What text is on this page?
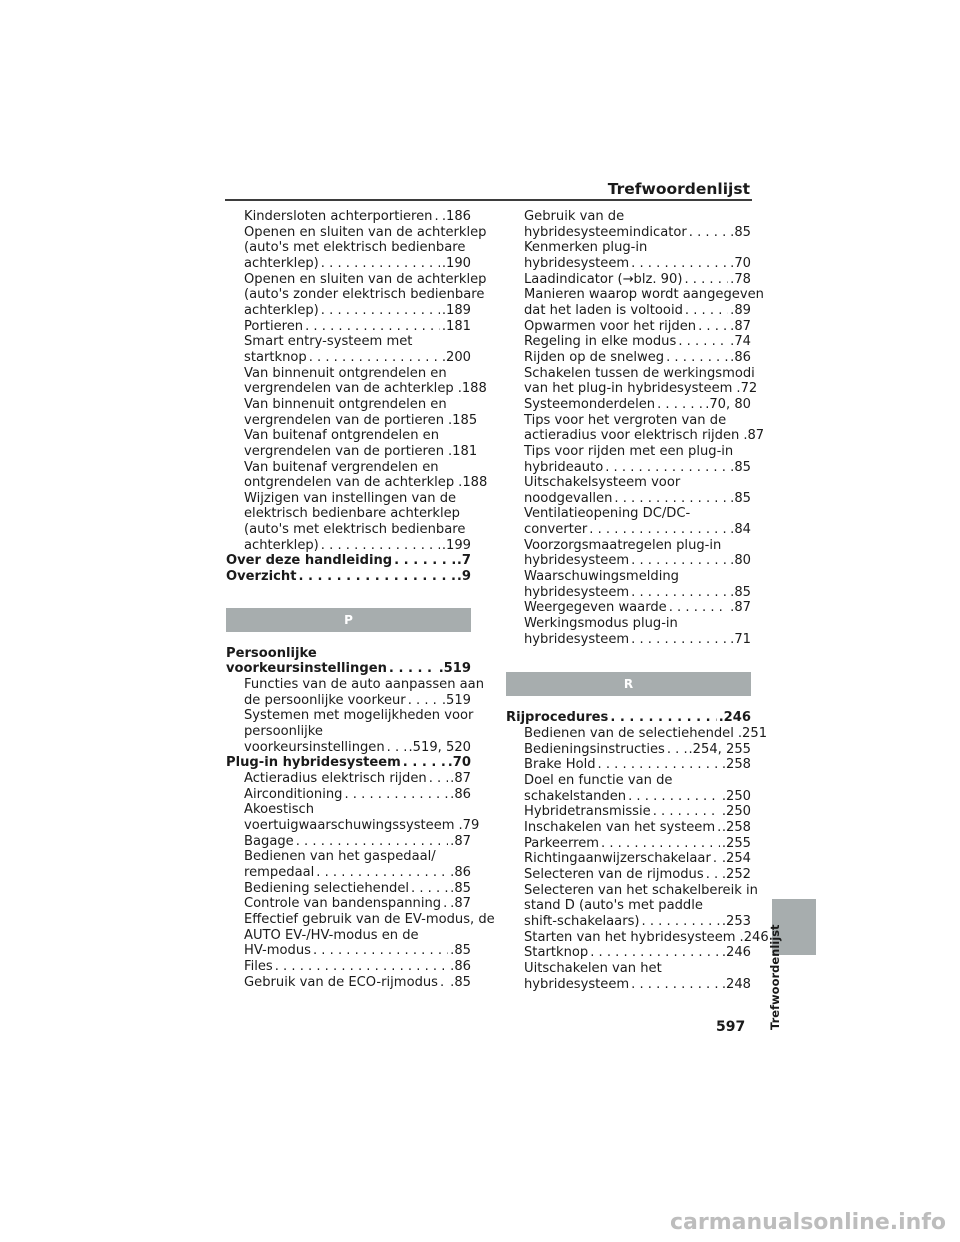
Trefwoordenlijst
Kindersloten achterportieren . . . .186
Openen en sluiten van de achterklep
(auto's met elektrisch bedienbare
achterklep) . . .	.190
Openen en sluiten van de achterklep
(auto's zonder elektrisch bedienbare
achterklep) . . .	.189
Portieren . . .	.181
Smart entry-systeem met
startknop . . .	.200
Van binnenuit ontgrendelen en
vergrendelen van de achterklep .188
Van binnenuit ontgrendelen en
vergrendelen van de portieren .185
Van buitenaf ontgrendelen en
vergrendelen van de portieren .181
Van buitenaf vergrendelen en
ontgrendelen van de achterklep .188
Wijzigen van instellingen van de
elektrisch bedienbare achterklep
(auto's met elektrisch bedienbare
achterklep) . . .	.199
Over deze handleiding . . .	.7
Overzicht . . .	.9
P
Persoonlijke
voorkeursinstellingen . . .	.519
Functies van de auto aanpassen aan
de persoonlijke voorkeur . . .	.519
Systemen met mogelijkheden voor
persoonlijke
voorkeursinstellingen . . . .519, 520
Plug-in hybridesysteem . . .	.70
Actieradius elektrisch rijden . . . .87
Airconditioning . . .	.86
Akoestisch
voertuigwaarschuwingssysteem .79
Bagage . . .	.87
Bedienen van het gaspedaal/
rempedaal . . .	.86
Bediening selectiehendel . . .	.85
Controle van bandenspanning . . . .87
Effectief gebruik van de EV-modus, de
AUTO EV-/HV-modus en de
HV-modus . . .	.85
Files . . .	.86
Gebruik van de ECO-rijmodus . . . .85
Gebruik van de
hybridesysteemindicator . . .	.85
Kenmerken plug-in
hybridesysteem . . .	.70
Laadindicator (→blz. 90) . . .	.78
Manieren waarop wordt aangegeven
dat het laden is voltooid . . .	.89
Opwarmen voor het rijden . . .	.87
Regeling in elke modus . . .	.74
Rijden op de snelweg . . .	.86
Schakelen tussen de werkingsmodi
van het plug-in hybridesysteem .72
Systeemonderdelen . . .	.70, 80
Tips voor het vergroten van de
actieradius voor elektrisch rijden .87
Tips voor rijden met een plug-in
hybrideauto . . .	.85
Uitschakelsysteem voor
noodgevallen . . .	.85
Ventilatieopening DC/DC-
converter . . .	.84
Voorzorgsmaatregelen plug-in
hybridesysteem . . .	.80
Waarschuwingsmelding
hybridesysteem . . .	.85
Weergegeven waarde . . .	.87
Werkingsmodus plug-in
hybridesysteem . . .	.71
R
Rijprocedures . . .	.246
Bedienen van de selectiehendel .251
Bedieningsinstructies . . . .254, 255
Brake Hold . . .	.258
Doel en functie van de
schakelstanden . . .	.250
Hybridetransmissie . . .	.250
Inschakelen van het systeem . . . .258
Parkeerrem . . .	.255
Richtingaanwijzerschakelaar . . . .254
Selecteren van de rijmodus . . . .252
Selecteren van het schakelbereik in
stand D (auto's met paddle
shift-schakelaars) . . .	.253
Starten van het hybridesysteem .246
Startknop . . .	.246
Uitschakelen van het
hybridesysteem . . .	.248 Trefwoordenlijst
597
carmanualsonline.info
